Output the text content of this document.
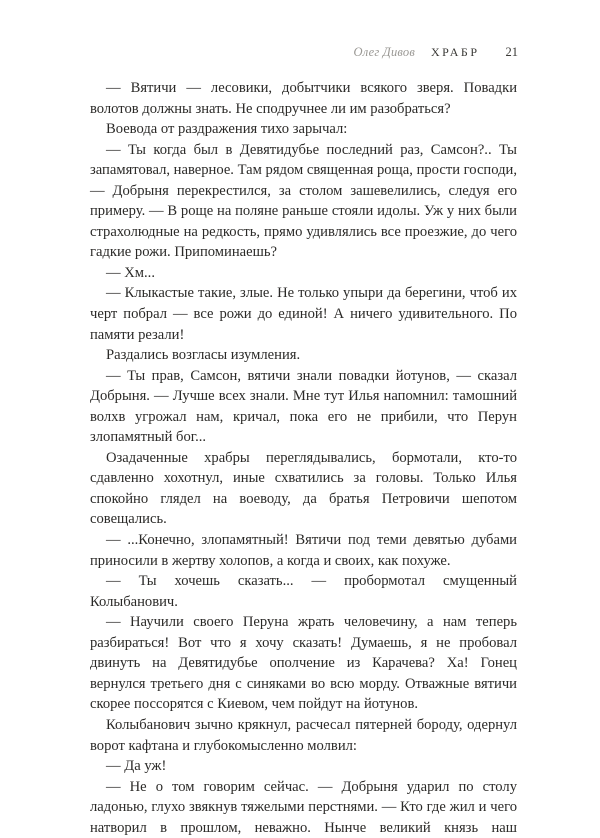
Олег Дивов ХРАБР 21

— Вятичи — лесовики, добытчики всякого зверя. Повадки волотов должны знать. Не сподручнее ли им разобраться?

Воевода от раздражения тихо зарычал:

— Ты когда был в Девятидубье последний раз, Самсон?.. Ты запамятовал, наверное. Там рядом священная роща, прости господи, — Добрыня перекрестился, за столом зашевелились, следуя его примеру. — В роще на поляне раньше стояли идолы. Уж у них были страхолюдные на редкость, прямо удивлялись все проезжие, до чего гадкие рожи. Припоминаешь?

— Хм...

— Клыкастые такие, злые. Не только упыри да берегини, чтоб их черт побрал — все рожи до единой! А ничего удивительного. По памяти резали!

Раздались возгласы изумления.

— Ты прав, Самсон, вятичи знали повадки йотунов, — сказал Добрыня. — Лучше всех знали. Мне тут Илья напомнил: тамошний волхв угрожал нам, кричал, пока его не прибили, что Перун злопамятный бог...

Озадаченные храбры переглядывались, бормотали, кто-то сдавленно хохотнул, иные схватились за головы. Только Илья спокойно глядел на воеводу, да братья Петровичи шепотом совещались.

— ...Конечно, злопамятный! Вятичи под теми девятью дубами приносили в жертву холопов, а когда и своих, как похуже.

— Ты хочешь сказать... — пробормотал смущенный Колыбанович.

— Научили своего Перуна жрать человечину, а нам теперь разбираться! Вот что я хочу сказать! Думаешь, я не пробовал двинуть на Девятидубье ополчение из Карачева? Ха! Гонец вернулся третьего дня с синяками во всю морду. Отважные вятичи скорее поссорятся с Киевом, чем пойдут на йотунов.

Колыбанович зычно крякнул, расчесал пятерней бороду, одернул ворот кафтана и глубокомысленно молвил:

— Да уж!

— Не о том говорим сейчас. — Добрыня ударил по столу ладонью, глухо звякнув тяжелыми перстнями. — Кто где жил и чего натворил в прошлом, неважно. Нынче великий князь наш
